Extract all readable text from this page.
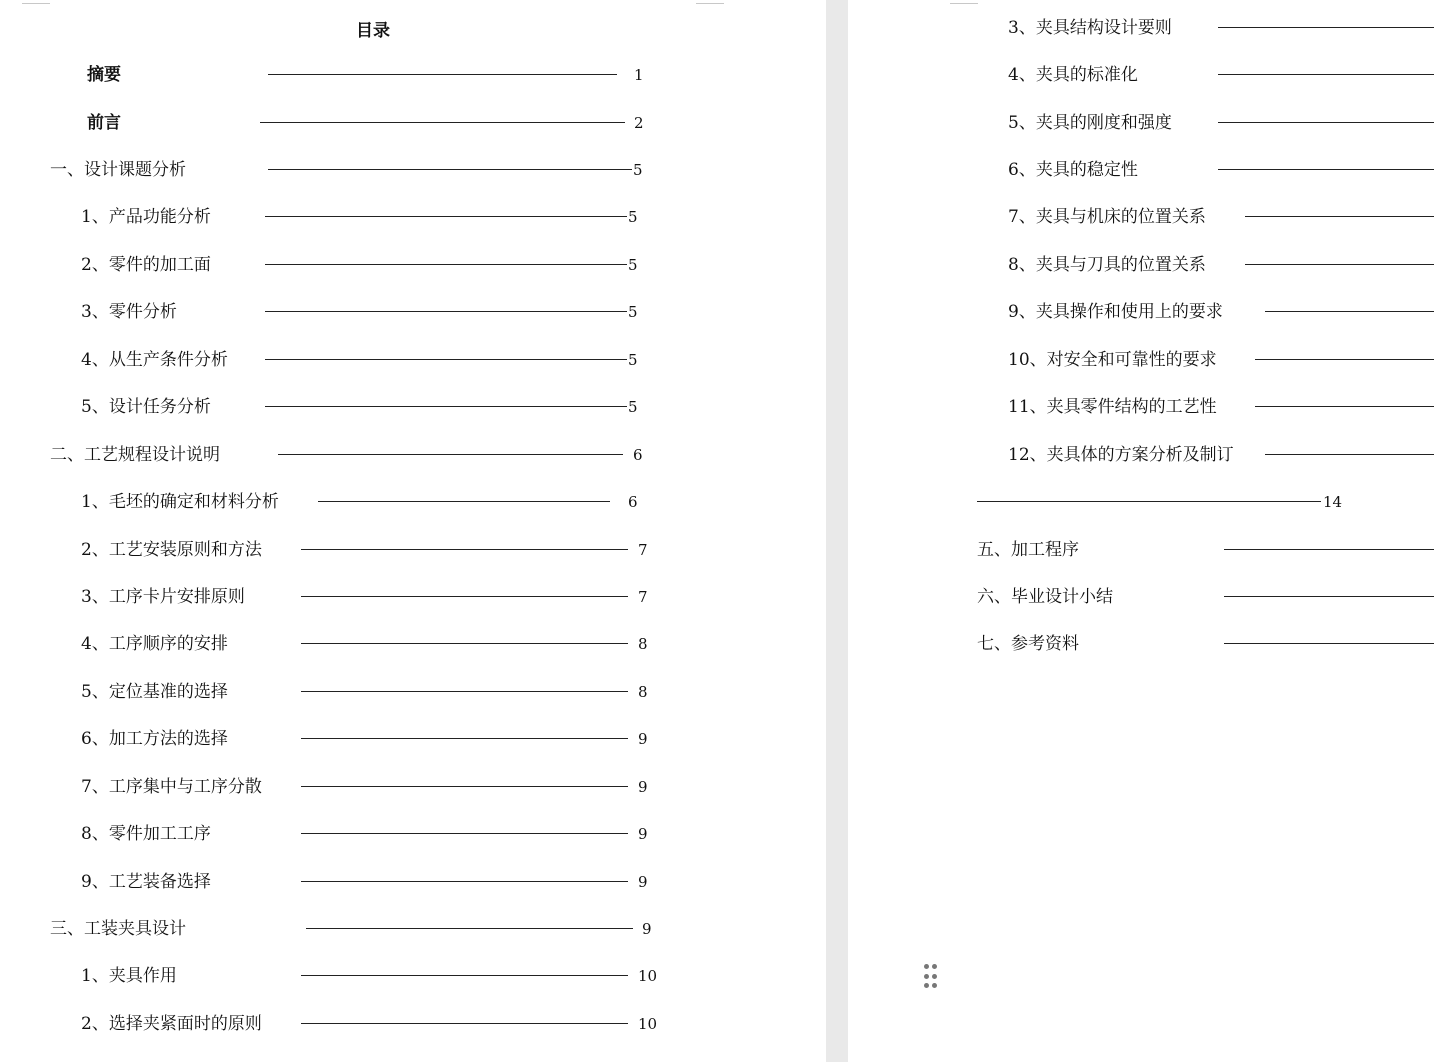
目录
摘要	1
前言	2
一、设计课题分析	5
1、产品功能分析	5
2、零件的加工面	5
3、零件分析	5
4、从生产条件分析	5
5、设计任务分析	5
二、工艺规程设计说明	6
1、毛坯的确定和材料分析	6
2、工艺安装原则和方法	7
3、工序卡片安排原则	7
4、工序顺序的安排	8
5、定位基准的选择	8
6、加工方法的选择	9
7、工序集中与工序分散	9
8、零件加工工序	9
9、工艺装备选择	9
三、工装夹具设计	9
1、夹具作用	10
2、选择夹紧面时的原则	10
3、夹具结构设计要则
4、夹具的标准化
5、夹具的刚度和强度
6、夹具的稳定性
7、夹具与机床的位置关系
8、夹具与刀具的位置关系
9、夹具操作和使用上的要求
10、对安全和可靠性的要求
11、夹具零件结构的工艺性
12、夹具体的方案分析及制订
14
五、加工程序
六、毕业设计小结
七、参考资料
